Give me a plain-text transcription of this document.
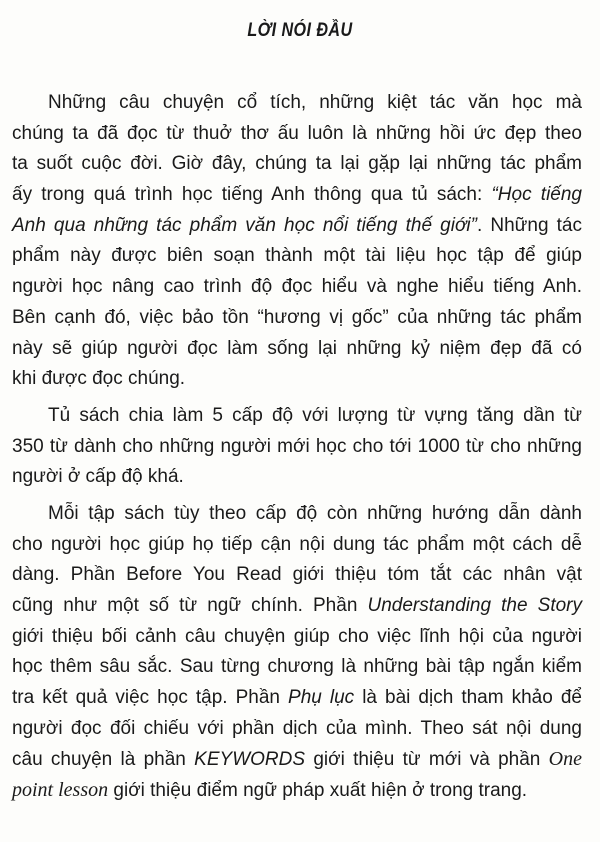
LỜI NÓI ĐẦU
Những câu chuyện cổ tích, những kiệt tác văn học mà
chúng ta đã đọc từ thuở thơ ấu luôn là những hồi ức đẹp theo
ta suốt cuộc đời. Giờ đây, chúng ta lại gặp lại những tác phẩm
ấy trong quá trình học tiếng Anh thông qua tủ sách: “Học tiếng
Anh qua những tác phẩm văn học nổi tiếng thế giới”. Những tác
phẩm này được biên soạn thành một tài liệu học tập để giúp
người học nâng cao trình độ đọc hiểu và nghe hiểu tiếng Anh.
Bên cạnh đó, việc bảo tồn “hương vị gốc” của những tác phẩm
này sẽ giúp người đọc làm sống lại những kỷ niệm đẹp đã có
khi được đọc chúng.
Tủ sách chia làm 5 cấp độ với lượng từ vựng tăng dần từ
350 từ dành cho những người mới học cho tới 1000 từ cho những
người ở cấp độ khá.
Mỗi tập sách tùy theo cấp độ còn những hướng dẫn dành
cho người học giúp họ tiếp cận nội dung tác phẩm một cách dễ
dàng. Phần Before You Read giới thiệu tóm tắt các nhân vật
cũng như một số từ ngữ chính. Phần Understanding the Story
giới thiệu bối cảnh câu chuyện giúp cho việc lĩnh hội của người
học thêm sâu sắc. Sau từng chương là những bài tập ngắn kiểm
tra kết quả việc học tập. Phần Phụ lục là bài dịch tham khảo để
người đọc đối chiếu với phần dịch của mình. Theo sát nội dung
câu chuyện là phần KEYWORDS giới thiệu từ mới và phần One
point lesson giới thiệu điểm ngữ pháp xuất hiện ở trong trang.
